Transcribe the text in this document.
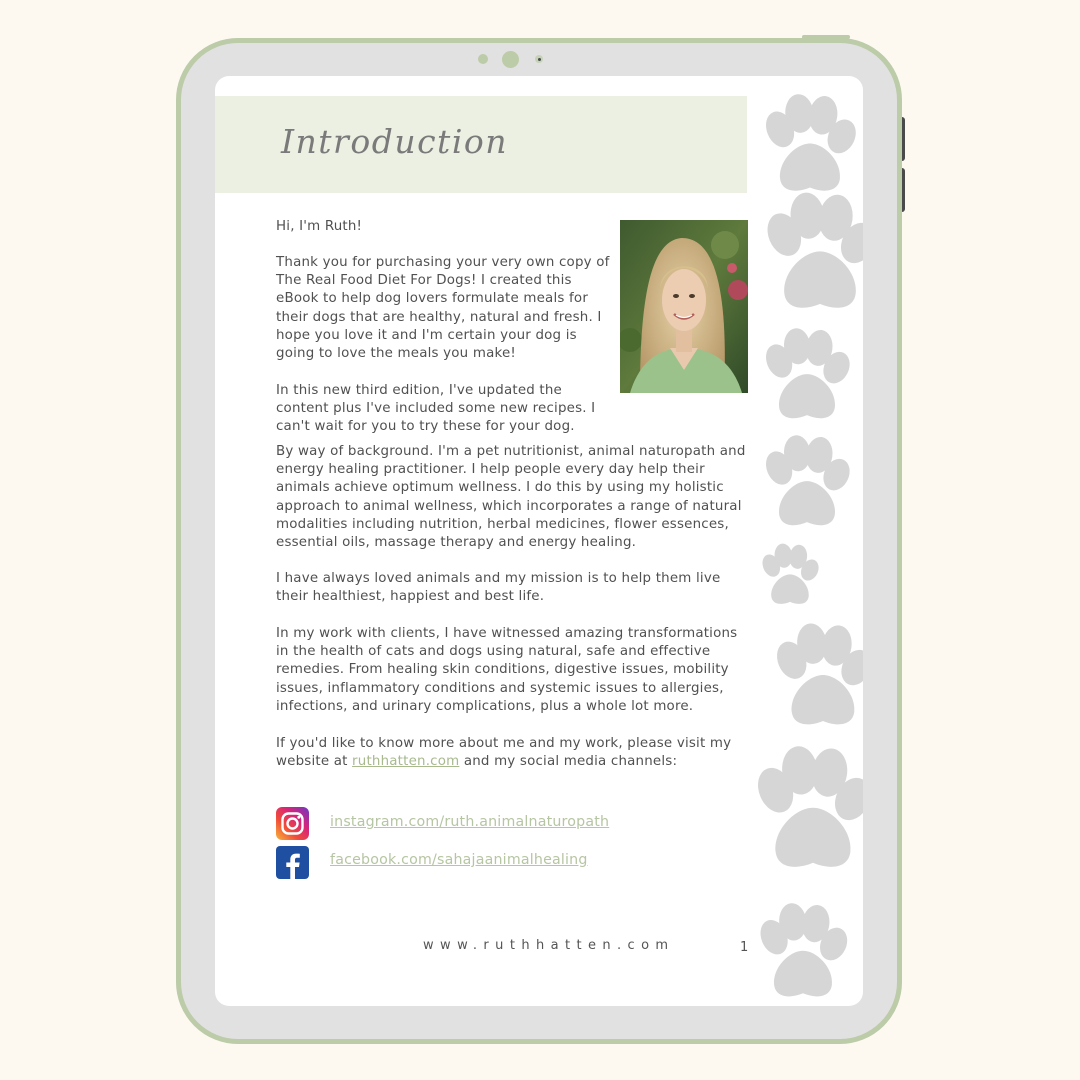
Introduction

Hi, I'm Ruth!

Thank you for purchasing your very own copy of The Real Food Diet For Dogs! I created this eBook to help dog lovers formulate meals for their dogs that are healthy, natural and fresh. I hope you love it and I'm certain your dog is going to love the meals you make!

In this new third edition, I've updated the content plus I've included some new recipes. I can't wait for you to try these for your dog.

By way of background. I'm a pet nutritionist, animal naturopath and energy healing practitioner. I help people every day help their animals achieve optimum wellness. I do this by using my holistic approach to animal wellness, which incorporates a range of natural modalities including nutrition, herbal medicines, flower essences, essential oils, massage therapy and energy healing.

I have always loved animals and my mission is to help them live their healthiest, happiest and best life.

In my work with clients, I have witnessed amazing transformations in the health of cats and dogs using natural, safe and effective remedies. From healing skin conditions, digestive issues, mobility issues, inflammatory conditions and systemic issues to allergies, infections, and urinary complications, plus a whole lot more.

If you'd like to know more about me and my work, please visit my website at ruthhatten.com and my social media channels:

instagram.com/ruth.animalnaturopath
facebook.com/sahajaanimalhealing
www.ruthhatten.com	1
